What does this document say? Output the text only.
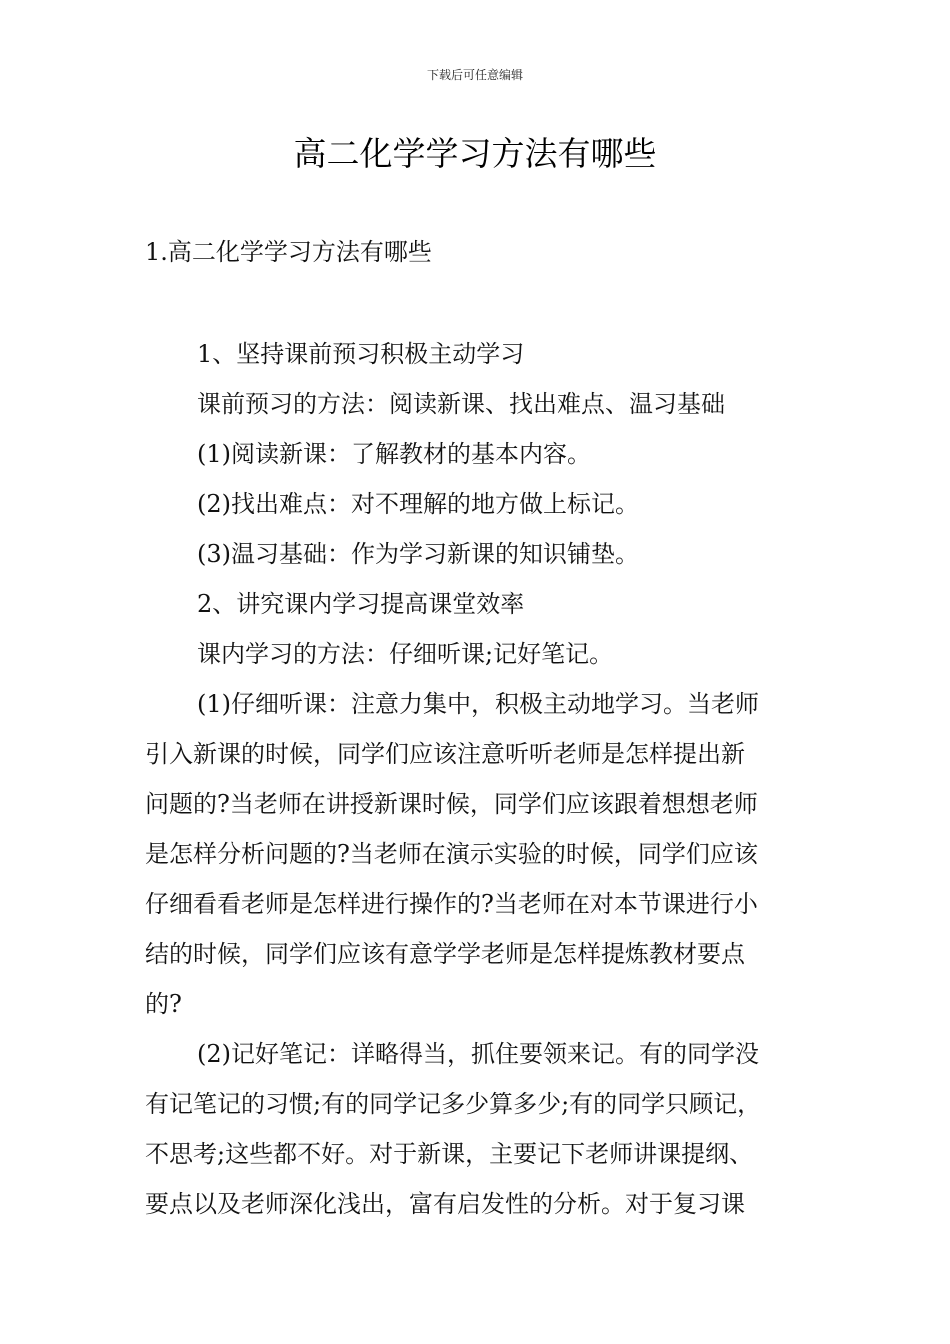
下载后可任意编辑
高二化学学习方法有哪些
1.高二化学学习方法有哪些
1、坚持课前预习积极主动学习
课前预习的方法：阅读新课、找出难点、温习基础
(1)阅读新课：了解教材的基本内容。
(2)找出难点：对不理解的地方做上标记。
(3)温习基础：作为学习新课的知识铺垫。
2、讲究课内学习提高课堂效率
课内学习的方法：仔细听课;记好笔记。
(1)仔细听课：注意力集中，积极主动地学习。当老师
引入新课的时候，同学们应该注意听听老师是怎样提出新
问题的?当老师在讲授新课时候，同学们应该跟着想想老师
是怎样分析问题的?当老师在演示实验的时候，同学们应该
仔细看看老师是怎样进行操作的?当老师在对本节课进行小
结的时候，同学们应该有意学学老师是怎样提炼教材要点
的?
(2)记好笔记：详略得当，抓住要领来记。有的同学没
有记笔记的习惯;有的同学记多少算多少;有的同学只顾记，
不思考;这些都不好。对于新课，主要记下老师讲课提纲、
要点以及老师深化浅出，富有启发性的分析。对于复习课
